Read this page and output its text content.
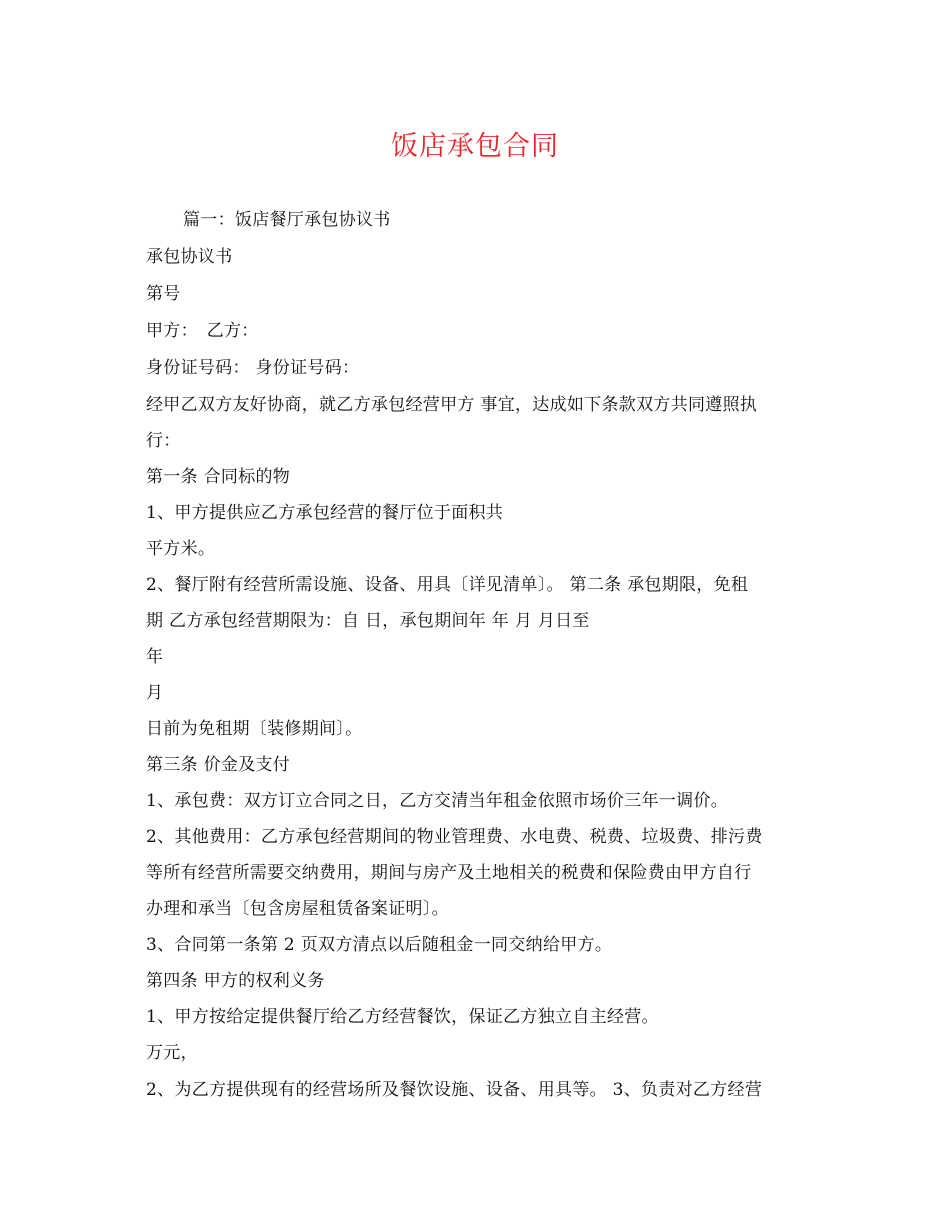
饭店承包合同
篇一：饭店餐厅承包协议书
承包协议书
第号
甲方：　乙方：
身份证号码： 身份证号码：
经甲乙双方友好协商，就乙方承包经营甲方 事宜，达成如下条款双方共同遵照执
行：
第一条 合同标的物
1、甲方提供应乙方承包经营的餐厅位于面积共
平方米。
2、餐厅附有经营所需设施、设备、用具〔详见清单〕。 第二条 承包期限，免租
期 乙方承包经营期限为：自 日，承包期间年 年 月 月日至
年
月
日前为免租期〔装修期间〕。
第三条 价金及支付
1、承包费：双方订立合同之日，乙方交清当年租金依照市场价三年一调价。
2、其他费用：乙方承包经营期间的物业管理费、水电费、税费、垃圾费、排污费
等所有经营所需要交纳费用，期间与房产及土地相关的税费和保险费由甲方自行
办理和承当〔包含房屋租赁备案证明〕。
3、合同第一条第 2 页双方清点以后随租金一同交纳给甲方。
第四条 甲方的权利义务
1、甲方按给定提供餐厅给乙方经营餐饮，保证乙方独立自主经营。
万元，
2、为乙方提供现有的经营场所及餐饮设施、设备、用具等。 3、负责对乙方经营
